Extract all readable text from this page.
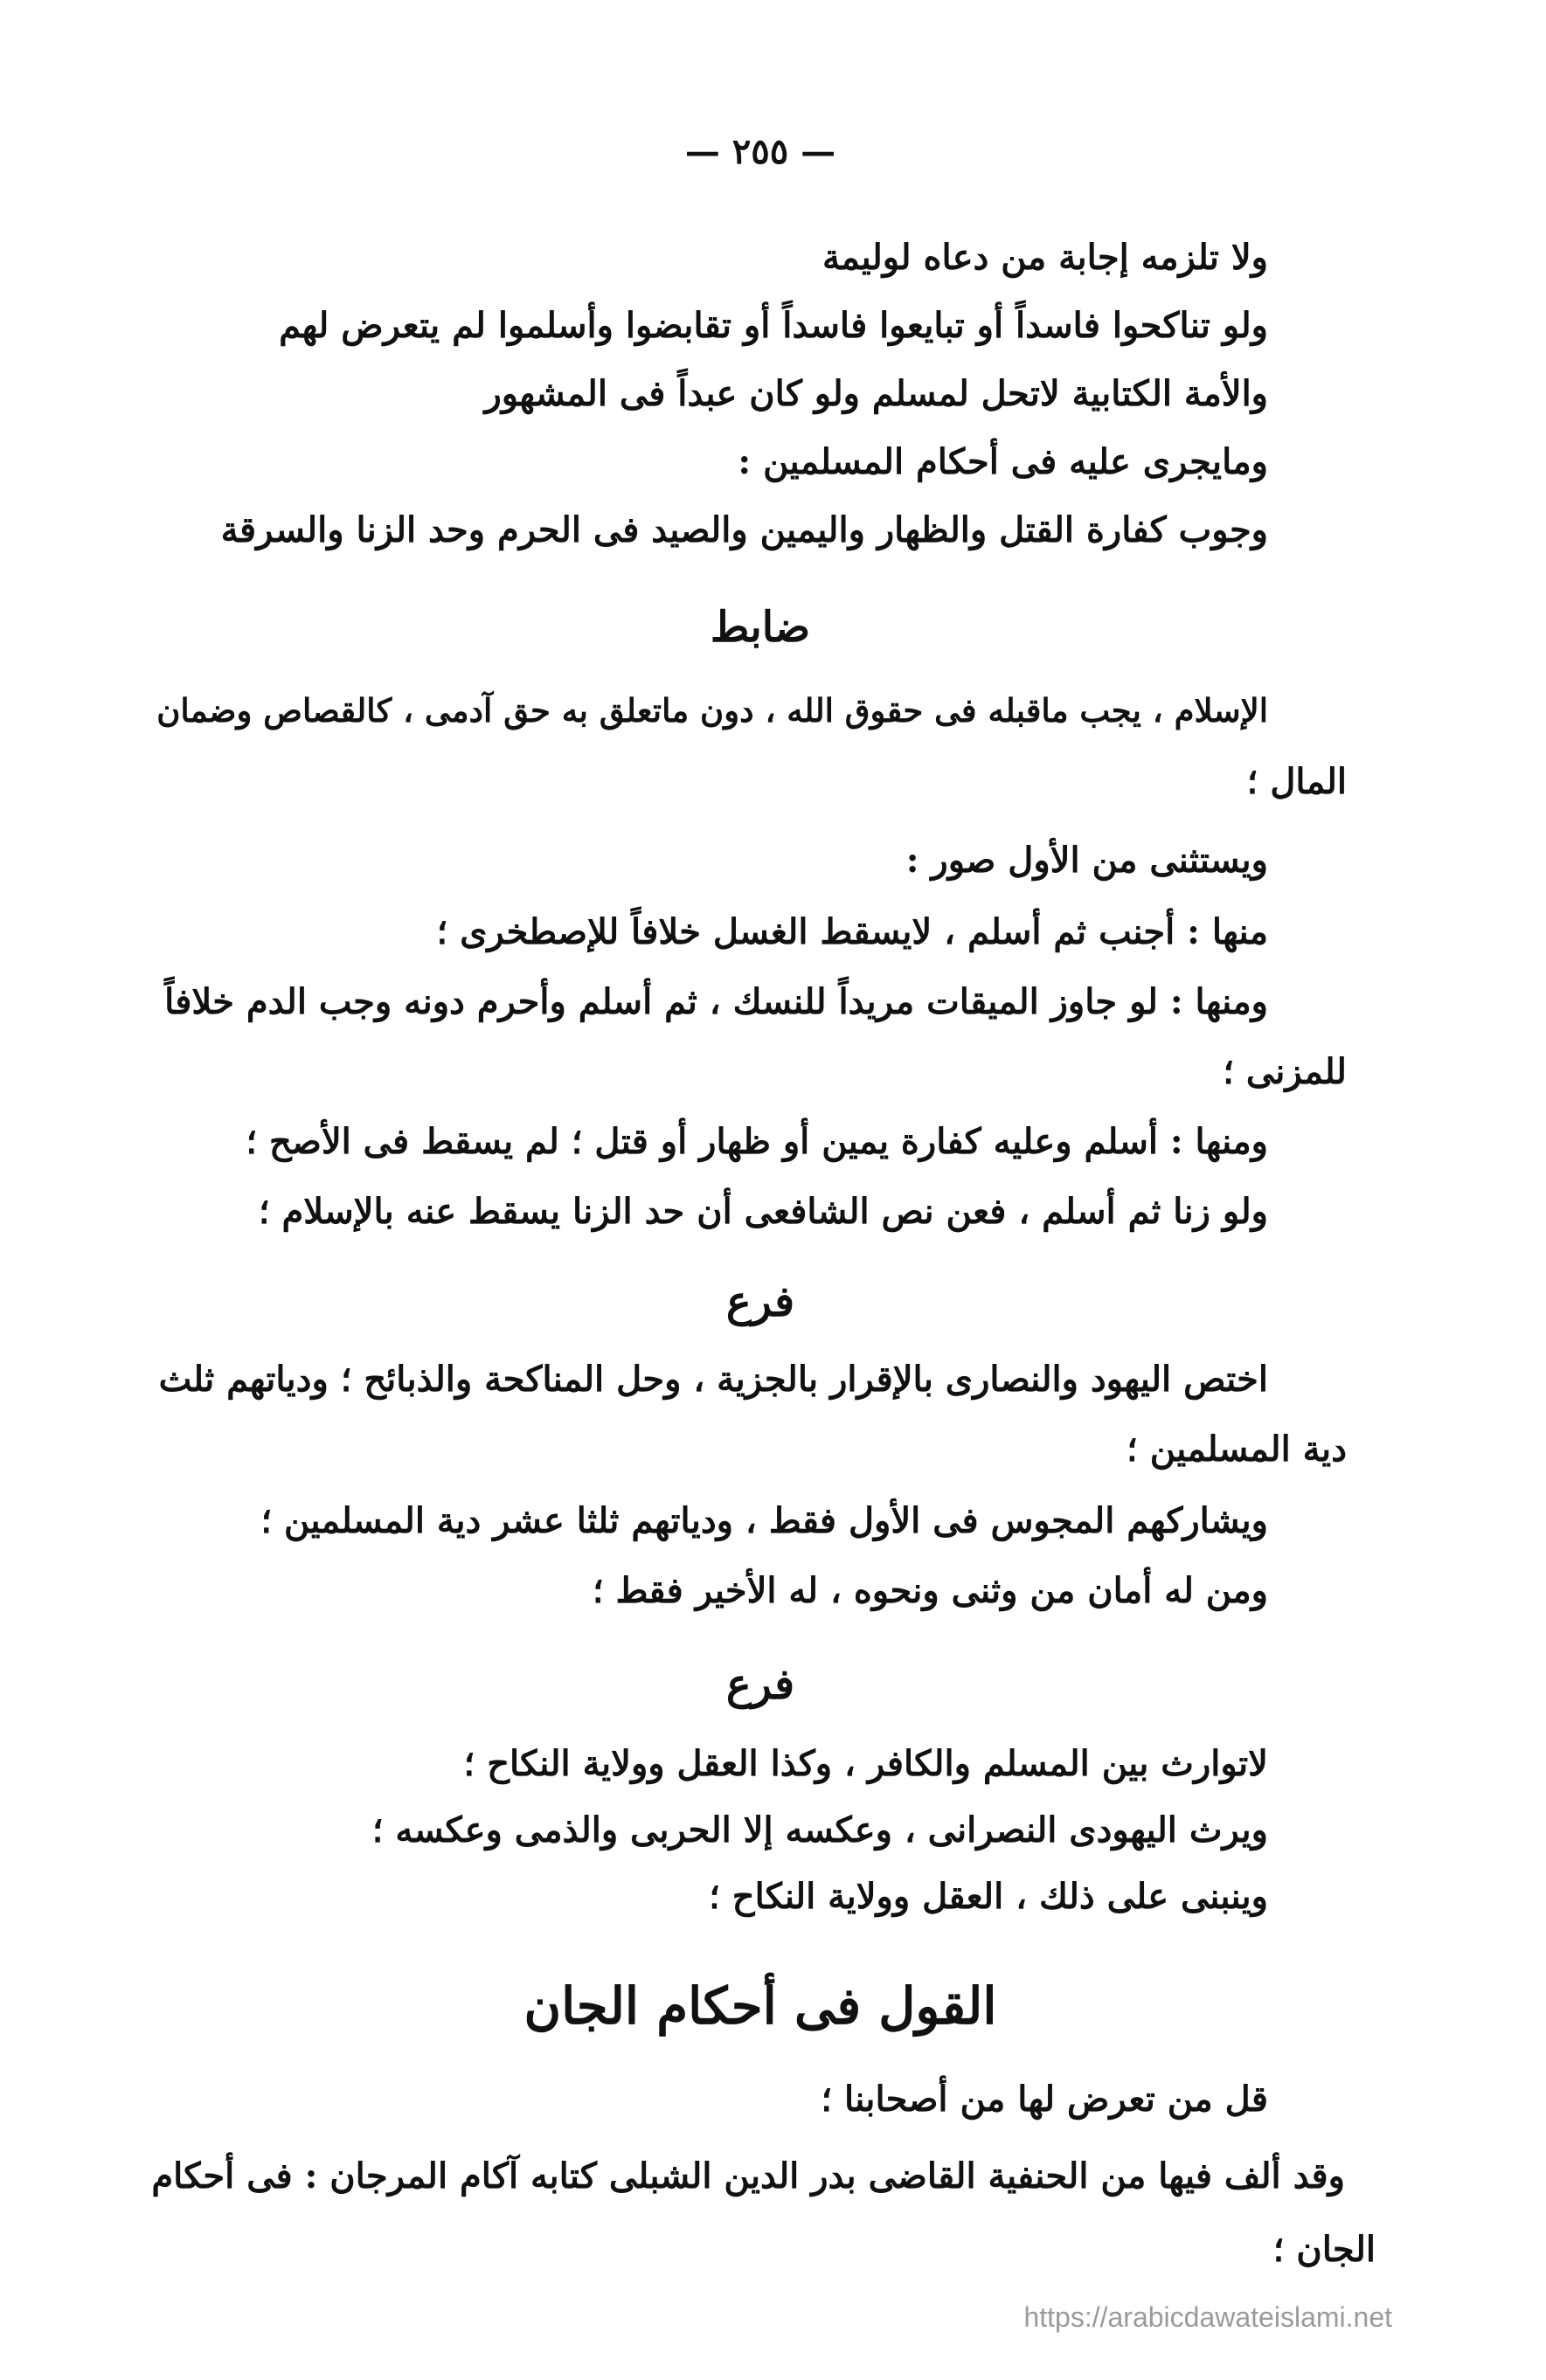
— ٢٥٥ —
ولا تلزمه إجابة من دعاه لوليمة
ولو تناكحوا فاسداً أو تبايعوا فاسداً أو تقابضوا وأسلموا لم يتعرض لهم
والأمة الكتابية لاتحل لمسلم ولو كان عبداً فى المشهور
ومايجرى عليه فى أحكام المسلمين :
وجوب كفارة القتل والظهار واليمين والصيد فى الحرم وحد الزنا والسرقة
ضابط
الإسلام ، يجب ماقبله فى حقوق الله ، دون ماتعلق به حق آدمى ، كالقصاص وضمان
المال ؛
ويستثنى من الأول صور :
منها : أجنب ثم أسلم ، لايسقط الغسل خلافاً للإصطخرى ؛
ومنها : لو جاوز الميقات مريداً للنسك ، ثم أسلم وأحرم دونه وجب الدم خلافاً
للمزنى ؛
ومنها : أسلم وعليه كفارة يمين أو ظهار أو قتل ؛ لم يسقط فى الأصح ؛
ولو زنا ثم أسلم ، فعن نص الشافعى أن حد الزنا يسقط عنه بالإسلام ؛
فرع
اختص اليهود والنصارى بالإقرار بالجزية ، وحل المناكحة والذبائح ؛ ودياتهم ثلث
دية المسلمين ؛
ويشاركهم المجوس فى الأول فقط ، ودياتهم ثلثا عشر دية المسلمين ؛
ومن له أمان من وثنى ونحوه ، له الأخير فقط ؛
فرع
لاتوارث بين المسلم والكافر ، وكذا العقل وولاية النكاح ؛
ويرث اليهودى النصرانى ، وعكسه إلا الحربى والذمى وعكسه ؛
وينبنى على ذلك ، العقل وولاية النكاح ؛
القول فى أحكام الجان
قل من تعرض لها من أصحابنا ؛
وقد ألف فيها من الحنفية القاضى بدر الدين الشبلى كتابه آكام المرجان : فى أحكام
الجان ؛
https://arabicdawateislami.net
